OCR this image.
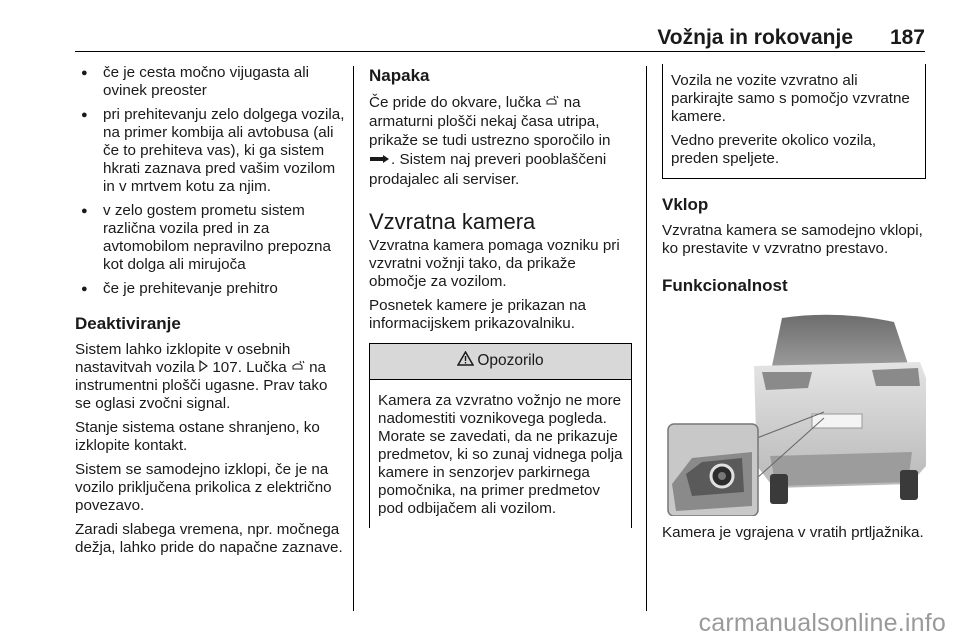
Vožnja in rokovanje 187
● če je cesta močno vijugasta ali ovinek preoster
● pri prehitevanju zelo dolgega vozila, na primer kombija ali avtobusa (ali če to prehiteva vas), ki ga sistem hkrati zaznava pred vašim vozilom in v mrtvem kotu za njim.
● v zelo gostem prometu sistem različna vozila pred in za avtomobilom nepravilno prepozna kot dolga ali mirujoča
● če je prehitevanje prehitro
Deaktiviranje

Sistem lahko izklopite v osebnih nastavitvah vozila  107. Lučka  na instrumentni plošči ugasne. Prav tako se oglasi zvočni signal.

Stanje sistema ostane shranjeno, ko izklopite kontakt.

Sistem se samodejno izklopi, če je na vozilo priključena prikolica z električno povezavo.

Zaradi slabega vremena, npr. močnega dežja, lahko pride do napačne zaznave.

Napaka

Če pride do okvare, lučka  na armaturni plošči nekaj časa utripa, prikaže se tudi ustrezno sporočilo in . Sistem naj preveri pooblaščeni prodajalec ali serviser.

Vzvratna kamera

Vzvratna kamera pomaga vozniku pri vzvratni vožnji tako, da prikaže območje za vozilom.

Posnetek kamere je prikazan na informacijskem prikazovalniku.

Opozorilo

Kamera za vzvratno vožnjo ne more nadomestiti voznikovega pogleda. Morate se zavedati, da ne prikazuje predmetov, ki so zunaj vidnega polja kamere in senzorjev parkirnega pomočnika, na primer predmetov pod odbijačem ali vozilom.

Vozila ne vozite vzvratno ali parkirajte samo s pomočjo vzvratne kamere.

Vedno preverite okolico vozila, preden speljete.

Vklop

Vzvratna kamera se samodejno vklopi, ko prestavite v vzvratno prestavo.

Funkcionalnost

Kamera je vgrajena v vratih prtljažnika.

carmanualsonline.info
